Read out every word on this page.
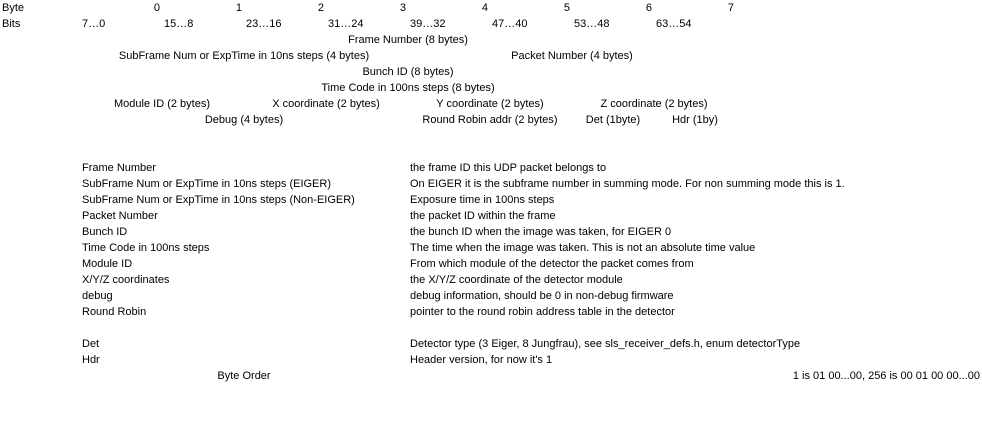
Byte	0	1	2	3	4	5	6	7		
Bits	7…0	15…8	23…16	31…24	39…32	47…40	53…48	63…54		
	Frame Number (8 bytes)									
	SubFrame Num or ExpTime in 10ns steps (4 bytes)				Packet Number (4 bytes)					
	Bunch ID (8 bytes)									
	Time Code in 100ns steps (8 bytes)									
	Module ID (2 bytes)		X coordinate (2 bytes)		Y coordinate (2 bytes)		Z coordinate (2 bytes)			
	Debug (4 bytes)				Round Robin addr (2 bytes)		Det (1byte)	Hdr (1by)		

	Frame Number				the frame ID this UDP packet belongs to					
	SubFrame Num or ExpTime in 10ns steps (EIGER)				On EIGER it is the subframe number in summing mode. For non summing mode this is 1.					
	SubFrame Num or ExpTime in 10ns steps (Non-EIGER)				Exposure time in 100ns steps					
	Packet Number				the packet ID within the frame					
	Bunch ID				the bunch ID when the image was taken, for EIGER 0					
	Time Code in 100ns steps				The time when the image was taken. This is not an absolute time value					
	Module ID				From which module of the detector the packet comes from					
	X/Y/Z coordinates				the X/Y/Z coordinate of the detector module					
	debug				debug information, should be 0 in non-debug firmware					
	Round Robin				pointer to the round robin address table in the detector					

	Det				Detector type (3 Eiger, 8 Jungfrau), see sls_receiver_defs.h, enum detectorType					
	Hdr				Header version, for now it's 1					
	Byte Order				1 is 01 00...00, 256 is 00 01 00 00...00					
